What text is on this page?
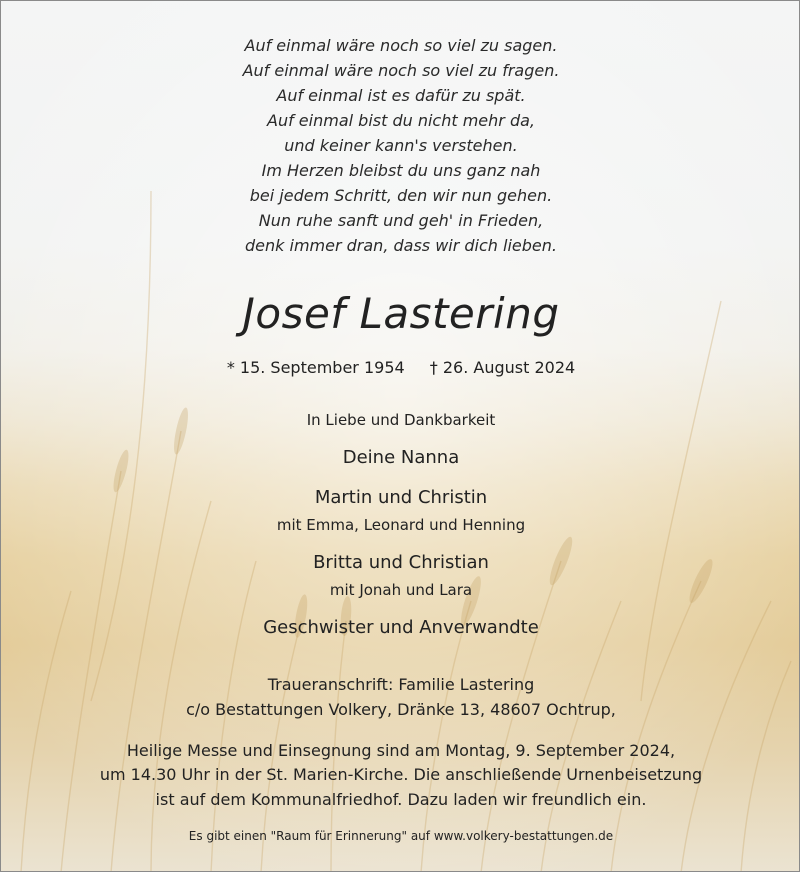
Auf einmal wäre noch so viel zu sagen.
Auf einmal wäre noch so viel zu fragen.
Auf einmal ist es dafür zu spät.
Auf einmal bist du nicht mehr da,
und keiner kann's verstehen.
Im Herzen bleibst du uns ganz nah
bei jedem Schritt, den wir nun gehen.
Nun ruhe sanft und geh' in Frieden,
denk immer dran, dass wir dich lieben.
Josef Lastering
* 15. September 1954 † 26. August 2024
In Liebe und Dankbarkeit
Deine Nanna
Martin und Christin
mit Emma, Leonard und Henning
Britta und Christian
mit Jonah und Lara
Geschwister und Anverwandte
Traueranschrift: Familie Lastering
c/o Bestattungen Volkery, Dränke 13, 48607 Ochtrup,
Heilige Messe und Einsegnung sind am Montag, 9. September 2024,
um 14.30 Uhr in der St. Marien-Kirche. Die anschließende Urnenbeisetzung
ist auf dem Kommunalfriedhof. Dazu laden wir freundlich ein.
Es gibt einen "Raum für Erinnerung" auf www.volkery-bestattungen.de
